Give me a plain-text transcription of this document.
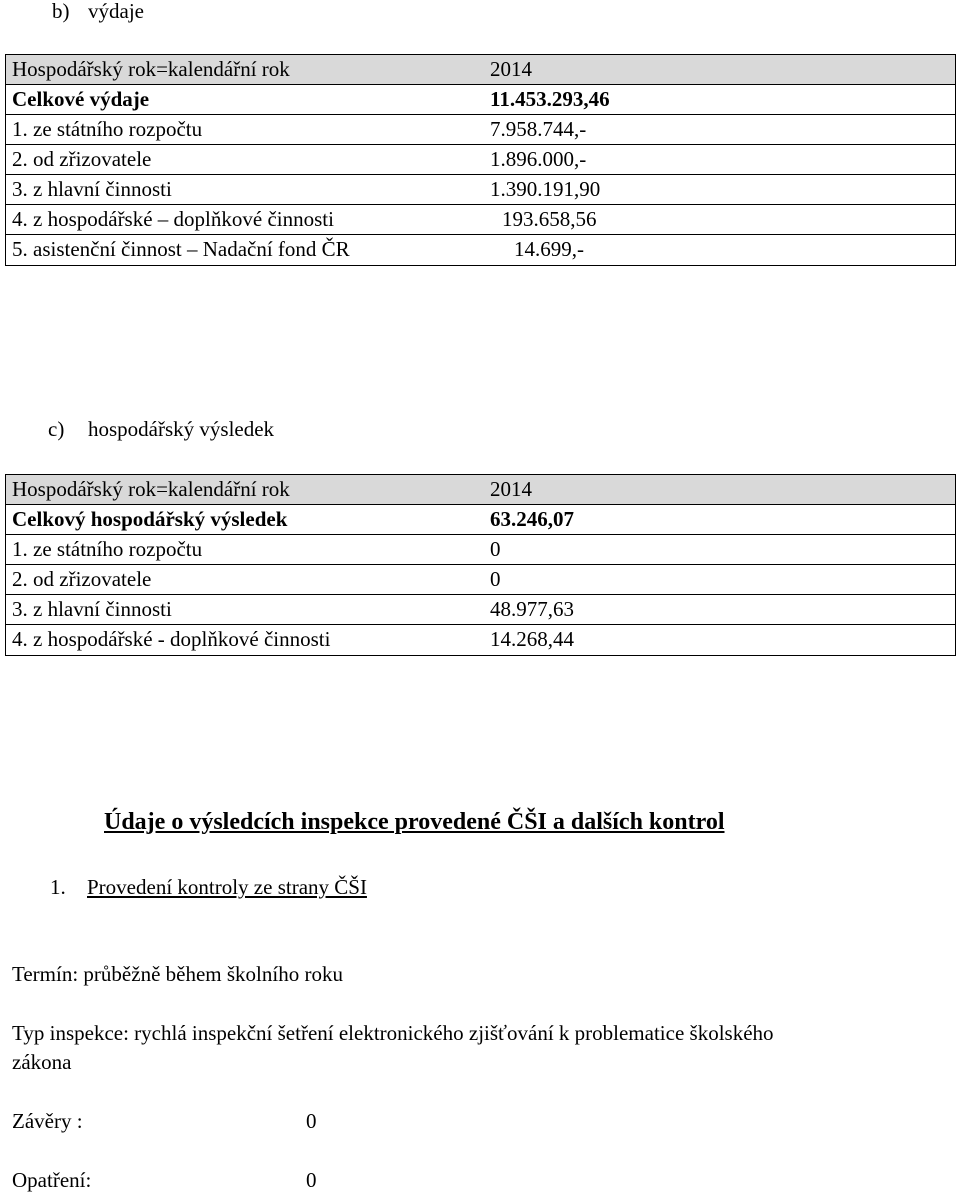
b) výdaje
Hospodářský rok=kalendářní rok	2014
Celkové výdaje	11.453.293,46
1. ze státního rozpočtu	7.958.744,-
2. od zřizovatele	1.896.000,-
3. z hlavní činnosti	1.390.191,90
4. z hospodářské – doplňkové činnosti	193.658,56
5. asistenční činnost – Nadační fond ČR	14.699,-
c) hospodářský výsledek
Hospodářský rok=kalendářní rok	2014
Celkový hospodářský výsledek	63.246,07
1. ze státního rozpočtu	0
2. od zřizovatele	0
3. z hlavní činnosti	48.977,63
4. z hospodářské - doplňkové činnosti	14.268,44
Údaje o výsledcích inspekce provedené ČŠI a dalších kontrol
1. Provedení kontroly ze strany ČŠI
Termín: průběžně během školního roku
Typ inspekce: rychlá inspekční šetření elektronického zjišťování k problematice školského
zákona
Závěry :	0
Opatření:	0
